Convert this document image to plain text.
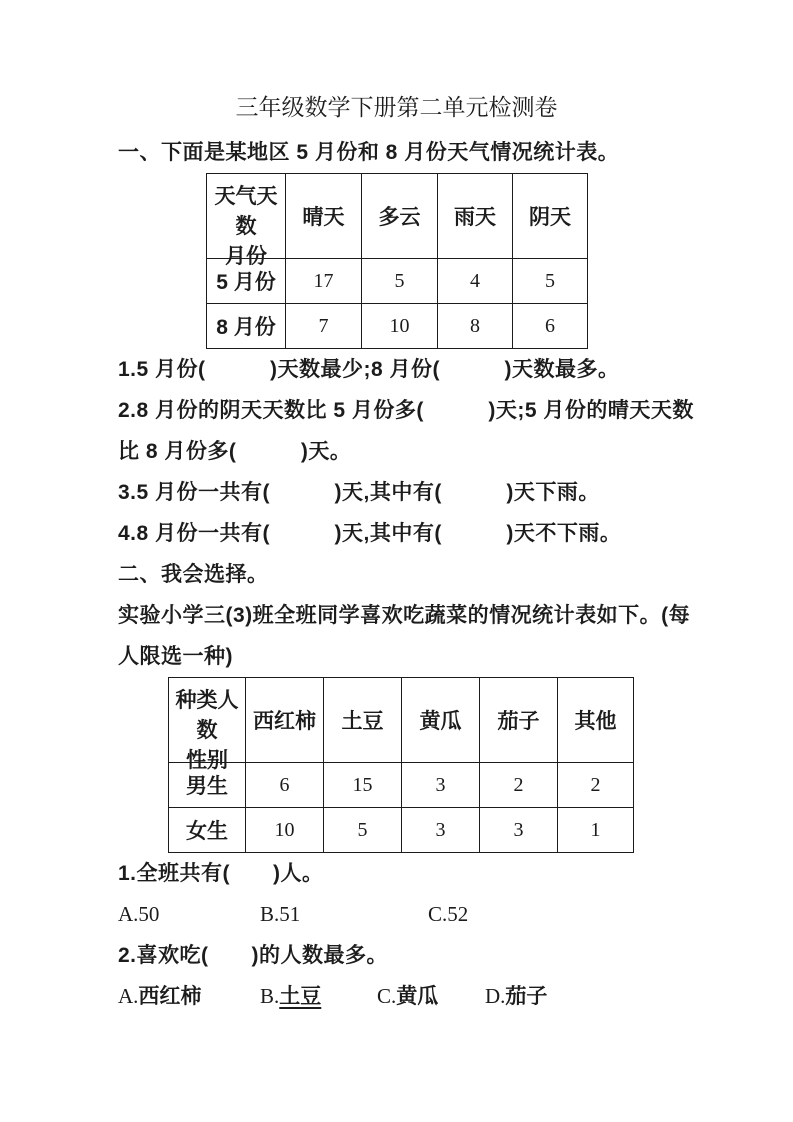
三年级数学下册第二单元检测卷

一、下面是某地区 5 月份和 8 月份天气情况统计表。

天气天数
月份	晴天	多云	雨天	阴天
5 月份	17	5	4	5
8 月份	7	10	8	6

1.5 月份(　　　)天数最少;8 月份(　　　)天数最多。

2.8 月份的阴天天数比 5 月份多(　　　)天;5 月份的晴天天数比 8 月份多(　　　)天。

3.5 月份一共有(　　　)天,其中有(　　　)天下雨。

4.8 月份一共有(　　　)天,其中有(　　　)天不下雨。

二、我会选择。

实验小学三(3)班全班同学喜欢吃蔬菜的情况统计表如下。(每人限选一种)

种类人数
性别	西红柿	土豆	黄瓜	茄子	其他
男生	6	15	3	2	2
女生	10	5	3	3	1

1.全班共有(　　)人。

A.50	B.51	C.52

2.喜欢吃(　　)的人数最多。

A.西红柿	B.土豆	C.黄瓜 D.茄子
